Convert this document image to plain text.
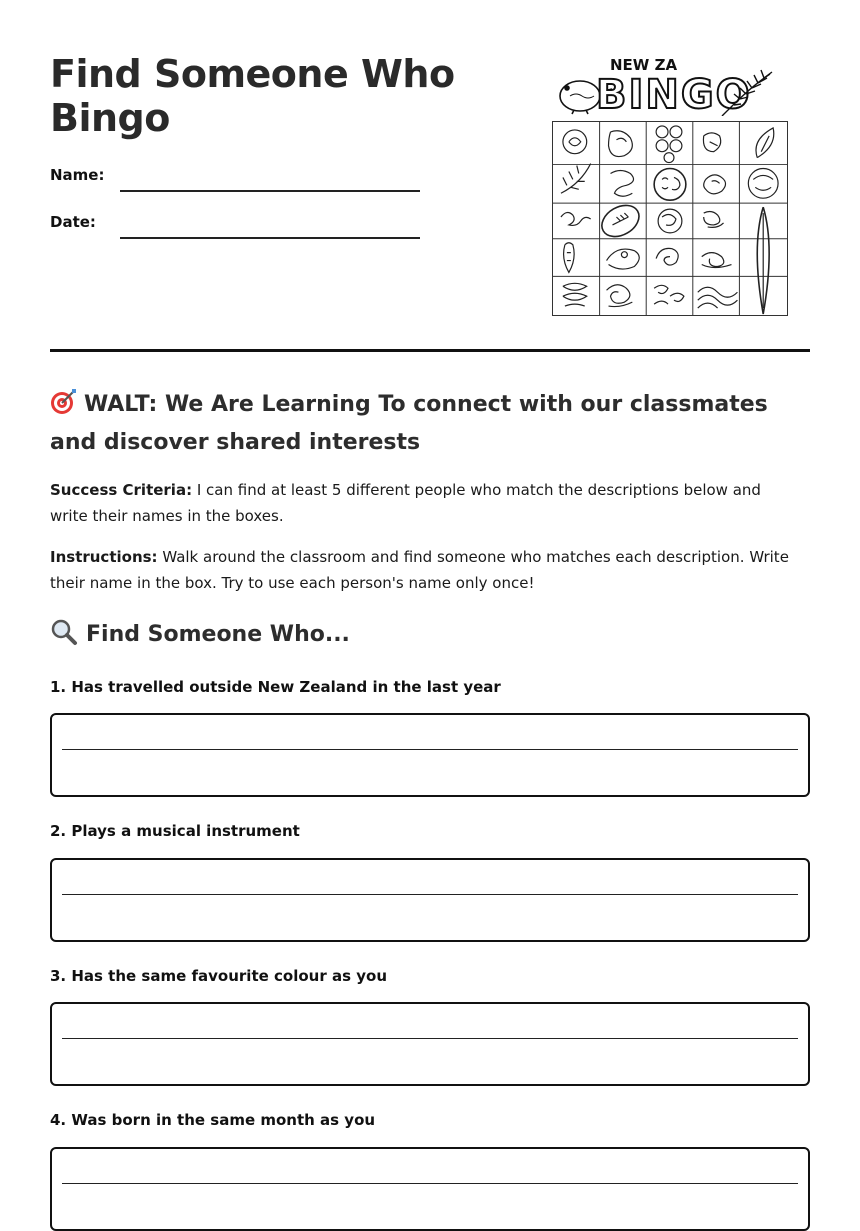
Find Someone Who Bingo
Name:
Date:
NEW ZA
BINGO
WALT: We Are Learning To connect with our classmates and discover shared interests

Success Criteria: I can find at least 5 different people who match the descriptions below and write their names in the boxes.

Instructions: Walk around the classroom and find someone who matches each description. Write their name in the box. Try to use each person's name only once!

Find Someone Who...

1. Has travelled outside New Zealand in the last year

2. Plays a musical instrument

3. Has the same favourite colour as you

4. Was born in the same month as you
